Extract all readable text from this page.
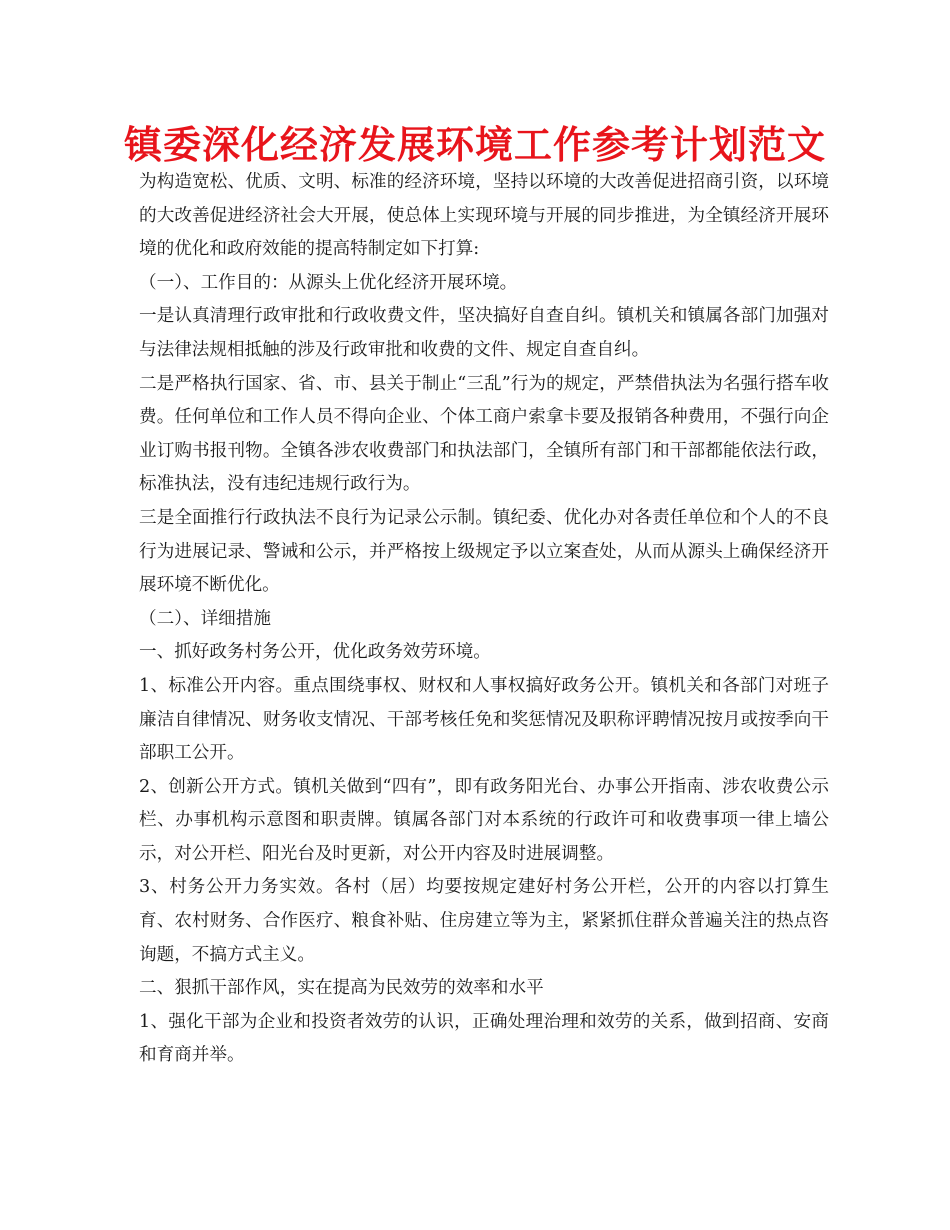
镇委深化经济发展环境工作参考计划范文

为构造宽松、优质、文明、标准的经济环境，坚持以环境的大改善促进招商引资，以环境的大改善促进经济社会大开展，使总体上实现环境与开展的同步推进，为全镇经济开展环境的优化和政府效能的提高特制定如下打算:

（一）、工作目的：从源头上优化经济开展环境。

一是认真清理行政审批和行政收费文件，坚决搞好自查自纠。镇机关和镇属各部门加强对与法律法规相抵触的涉及行政审批和收费的文件、规定自查自纠。

二是严格执行国家、省、市、县关于制止“三乱”行为的规定，严禁借执法为名强行搭车收费。任何单位和工作人员不得向企业、个体工商户索拿卡要及报销各种费用，不强行向企业订购书报刊物。全镇各涉农收费部门和执法部门，全镇所有部门和干部都能依法行政，标准执法，没有违纪违规行政行为。

三是全面推行行政执法不良行为记录公示制。镇纪委、优化办对各责任单位和个人的不良行为进展记录、警诫和公示，并严格按上级规定予以立案查处，从而从源头上确保经济开展环境不断优化。

（二）、详细措施

一、抓好政务村务公开，优化政务效劳环境。

1、标准公开内容。重点围绕事权、财权和人事权搞好政务公开。镇机关和各部门对班子廉洁自律情况、财务收支情况、干部考核任免和奖惩情况及职称评聘情况按月或按季向干部职工公开。

2、创新公开方式。镇机关做到“四有”，即有政务阳光台、办事公开指南、涉农收费公示栏、办事机构示意图和职责牌。镇属各部门对本系统的行政许可和收费事项一律上墙公示，对公开栏、阳光台及时更新，对公开内容及时进展调整。

3、村务公开力务实效。各村（居）均要按规定建好村务公开栏，公开的内容以打算生育、农村财务、合作医疗、粮食补贴、住房建立等为主，紧紧抓住群众普遍关注的热点咨询题，不搞方式主义。

二、狠抓干部作风，实在提高为民效劳的效率和水平

1、强化干部为企业和投资者效劳的认识，正确处理治理和效劳的关系，做到招商、安商和育商并举。
